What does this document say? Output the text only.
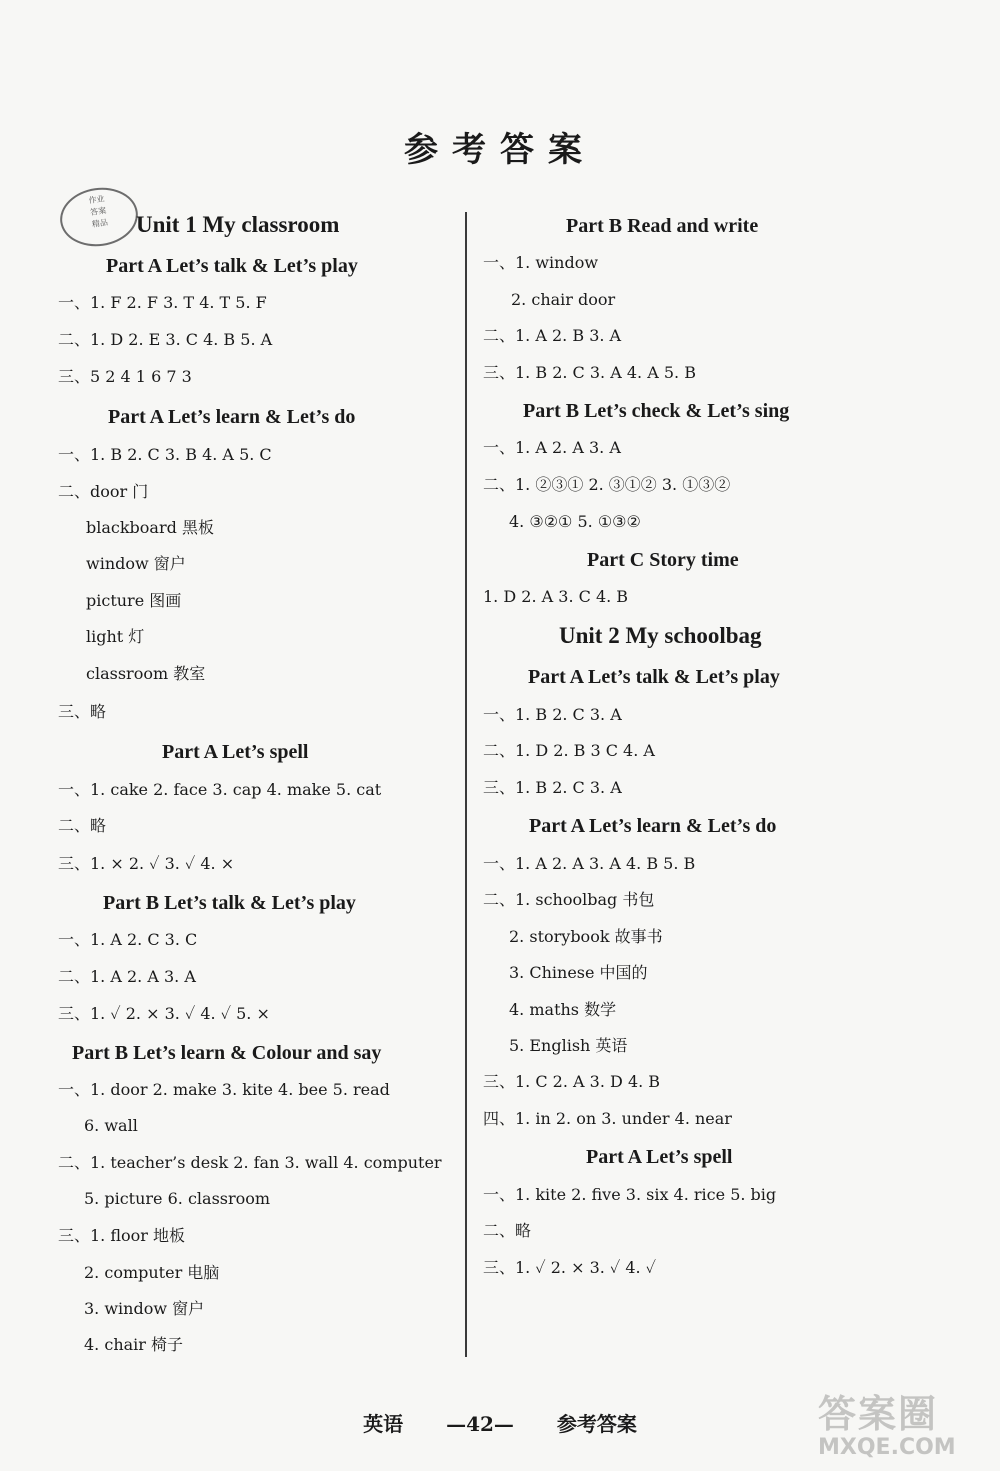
参考答案
作业
答案
精品	Unit 1 My classroom
Part A Let’s talk & Let’s play
一、1. F 2. F 3. T 4. T 5. F
二、1. D 2. E 3. C 4. B 5. A
三、5 2 4 1 6 7 3
Part A Let’s learn & Let’s do
一、1. B 2. C 3. B 4. A 5. C
二、door 门
blackboard 黑板
window 窗户
picture 图画
light 灯
classroom 教室
三、略
Part A Let’s spell
一、1. cake 2. face 3. cap 4. make 5. cat
二、略
三、1. × 2. ✓ 3. ✓ 4. ×
Part B Let’s talk & Let’s play
一、1. A 2. C 3. C
二、1. A 2. A 3. A
三、1. ✓ 2. × 3. ✓ 4. ✓ 5. ×
Part B Let’s learn & Colour and say
一、1. door 2. make 3. kite 4. bee 5. read
6. wall
二、1. teacher’s desk 2. fan 3. wall 4. computer
5. picture 6. classroom
三、1. floor 地板
2. computer 电脑
3. window 窗户
4. chair 椅子
Part B Read and write
一、1. window
2. chair door
二、1. A 2. B 3. A
三、1. B 2. C 3. A 4. A 5. B
Part B Let’s check & Let’s sing
一、1. A 2. A 3. A
二、1. ②③① 2. ③①② 3. ①③②
4. ③②① 5. ①③②
Part C Story time
1. D 2. A 3. C 4. B
Unit 2 My schoolbag
Part A Let’s talk & Let’s play
一、1. B 2. C 3. A
二、1. D 2. B 3 C 4. A
三、1. B 2. C 3. A
Part A Let’s learn & Let’s do
一、1. A 2. A 3. A 4. B 5. B
二、1. schoolbag 书包
2. storybook 故事书
3. Chinese 中国的
4. maths 数学
5. English 英语
三、1. C 2. A 3. D 4. B
四、1. in 2. on 3. under 4. near
Part A Let’s spell
一、1. kite 2. five 3. six 4. rice 5. big
二、略
三、1. ✓ 2. × 3. ✓ 4. ✓
英语 —42— 参考答案	答案圈
MXQE.COM
